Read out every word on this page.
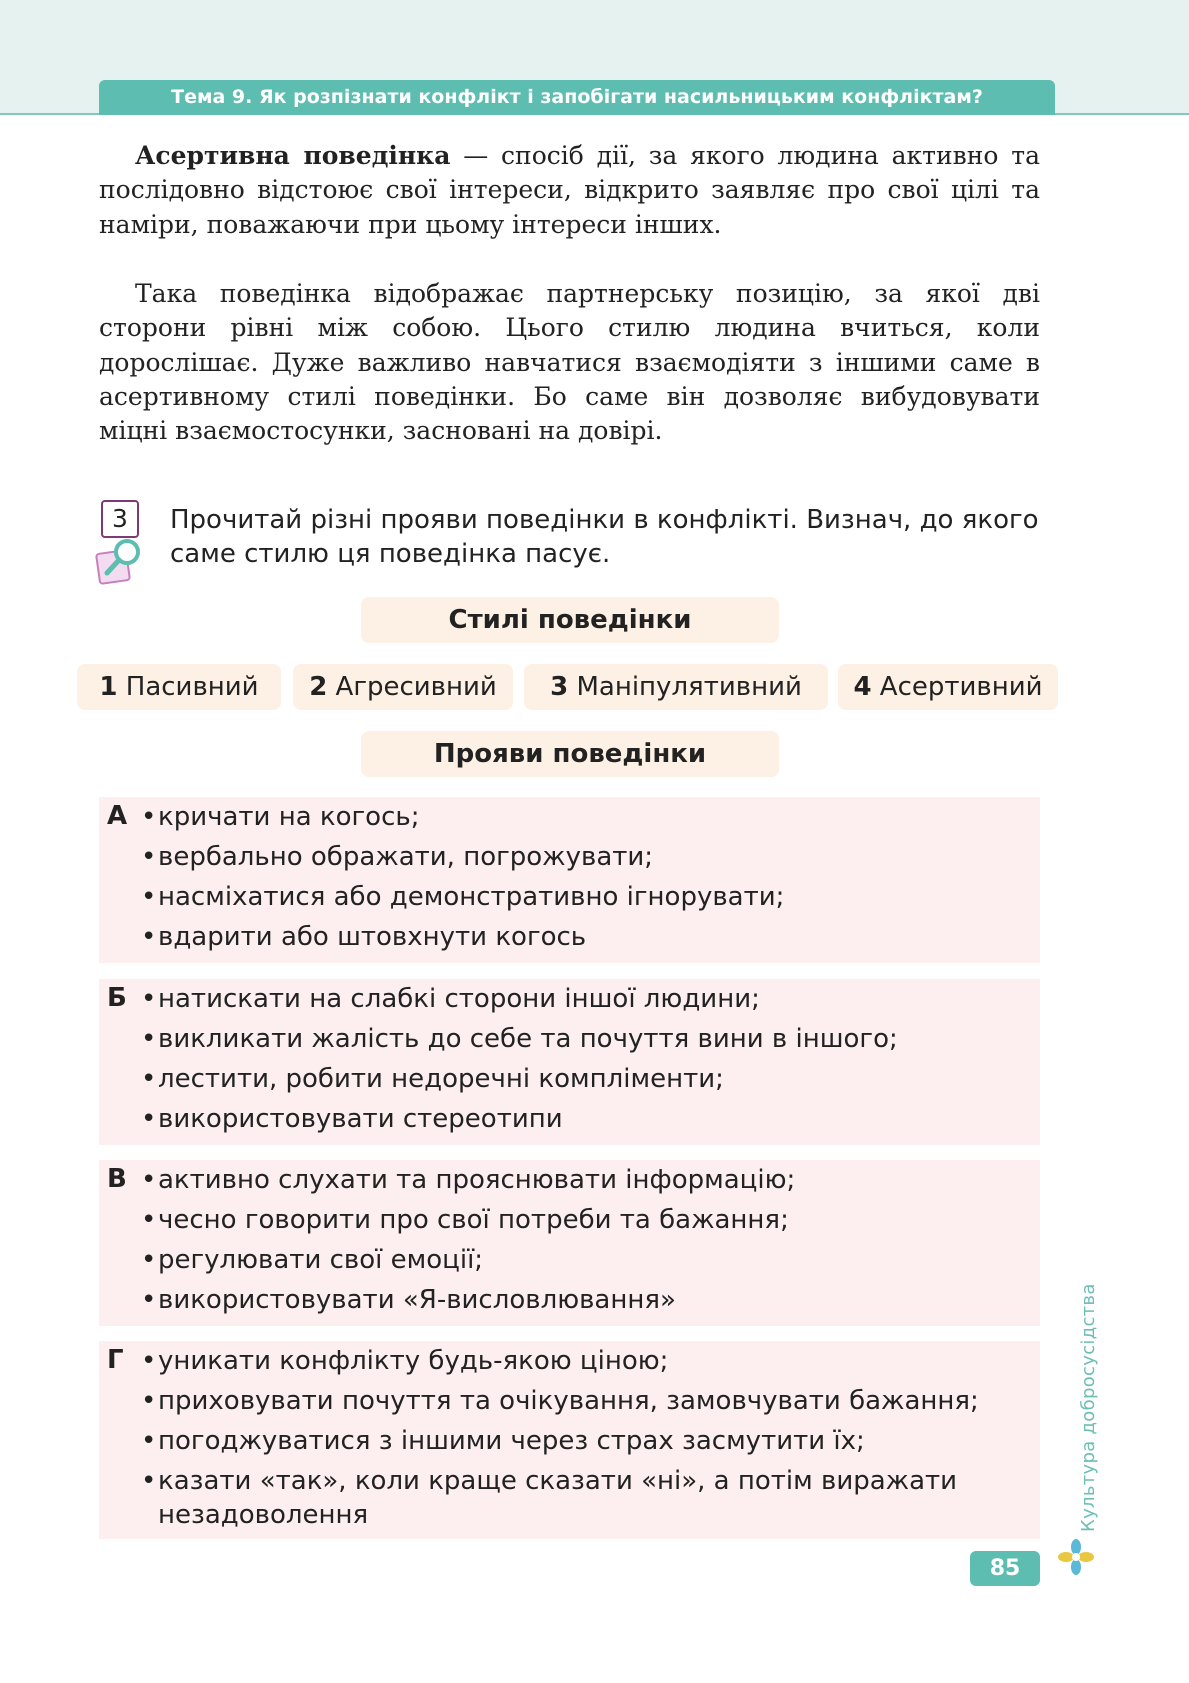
Тема 9. Як розпізнати конфлікт і запобігати насильницьким конфліктам?

Асертивна поведінка — спосіб дії, за якого людина активно та послідовно відстоює свої інтереси, відкрито заявляє про свої цілі та наміри, поважаючи при цьому інтереси інших.

Така поведінка відображає партнерську позицію, за якої дві сторони рівні між собою. Цього стилю людина вчиться, коли дорослішає. Дуже важливо навчатися взаємодіяти з іншими саме в асертивному стилі поведінки. Бо саме він дозволяє вибудовувати міцні взаємостосунки, засновані на довірі.

3	Прочитай різні прояви поведінки в конфлікті. Визнач, до якого саме стилю ця поведінка пасує.

Стилі поведінки
1 Пасивний	2 Агресивний	3 Маніпулятивний	4 Асертивний
Прояви поведінки
А	• кричати на когось;
• вербально ображати, погрожувати;
• насміхатися або демонстративно ігнорувати;
• вдарити або штовхнути когось
Б	• натискати на слабкі сторони іншої людини;
• викликати жалість до себе та почуття вини в іншого;
• лестити, робити недоречні компліменти;
• використовувати стереотипи
В	• активно слухати та прояснювати інформацію;
• чесно говорити про свої потреби та бажання;
• регулювати свої емоції;
• використовувати «Я-висловлювання»
Г	• уникати конфлікту будь-якою ціною;
• приховувати почуття та очікування, замовчувати бажання;
• погоджуватися з іншими через страх засмутити їх;
• казати «так», коли краще сказати «ні», а потім виражати незадоволення	Культура добросусідства
85
